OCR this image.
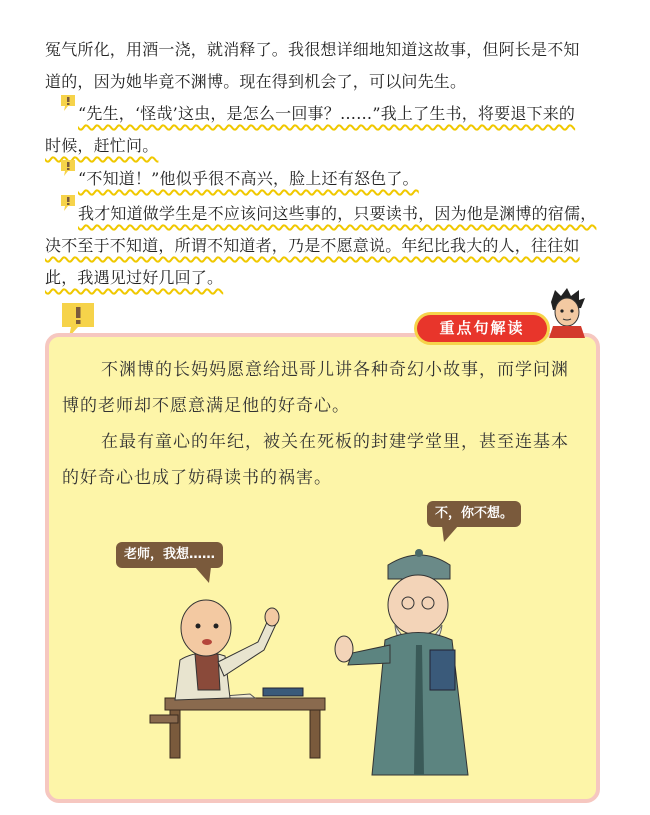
冤气所化，用酒一浇，就消释了。我很想详细地知道这故事，但阿长是不知
道的，因为她毕竟不渊博。现在得到机会了，可以问先生。
“先生，‘怪哉’这虫，是怎么一回事？……”我上了生书，将要退下来的
时候，赶忙问。
“不知道！”他似乎很不高兴，脸上还有怒色了。
我才知道做学生是不应该问这些事的，只要读书，因为他是渊博的宿儒，
决不至于不知道，所谓不知道者，乃是不愿意说。年纪比我大的人，往往如
此，我遇见过好几回了。
重点句解读
不渊博的长妈妈愿意给迅哥儿讲各种奇幻小故事，而学问渊
博的老师却不愿意满足他的好奇心。
在最有童心的年纪，被关在死板的封建学堂里，甚至连基本
的好奇心也成了妨碍读书的祸害。
老师，我想……
不，你不想。
